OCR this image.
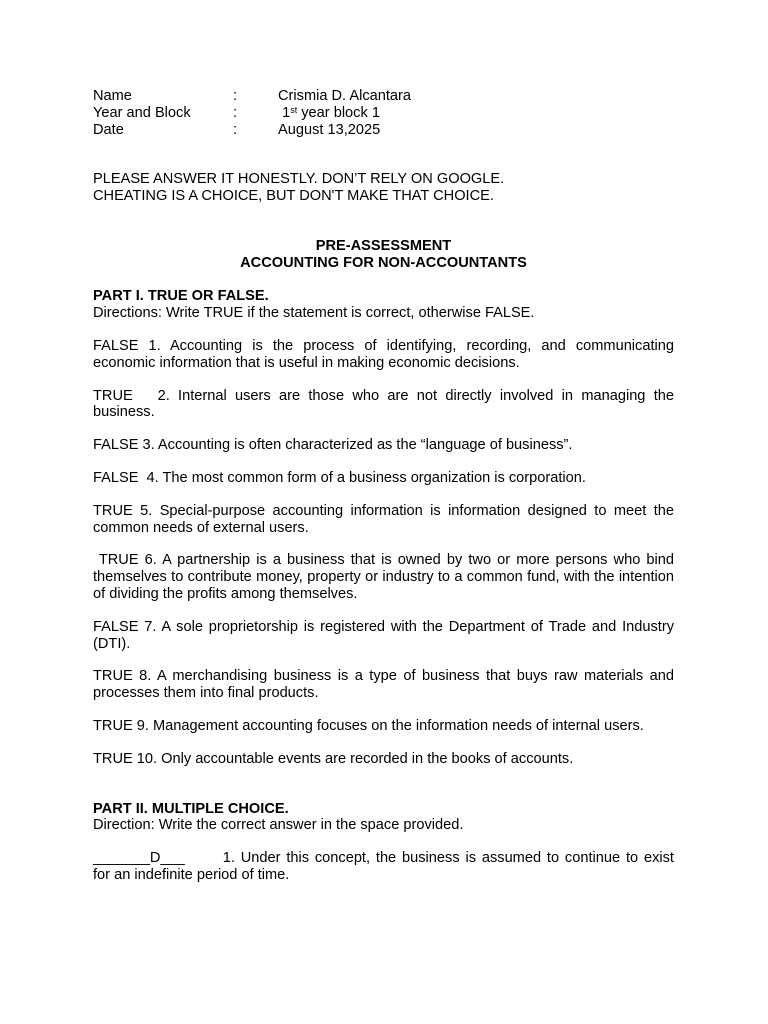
Name	:	Crismia D. Alcantara
Year and Block	:	1st year block 1
Date	:	August 13,2025
PLEASE ANSWER IT HONESTLY. DON’T RELY ON GOOGLE.
CHEATING IS A CHOICE, BUT DON'T MAKE THAT CHOICE.
PRE-ASSESSMENT
ACCOUNTING FOR NON-ACCOUNTANTS
PART I. TRUE OR FALSE.
Directions: Write TRUE if the statement is correct, otherwise FALSE.
FALSE 1. Accounting is the process of identifying, recording, and communicating economic information that is useful in making economic decisions.
TRUE   2. Internal users are those who are not directly involved in managing the business.
FALSE 3. Accounting is often characterized as the “language of business”.
FALSE  4. The most common form of a business organization is corporation.
TRUE 5. Special-purpose accounting information is information designed to meet the common needs of external users.
TRUE 6. A partnership is a business that is owned by two or more persons who bind themselves to contribute money, property or industry to a common fund, with the intention of dividing the profits among themselves.
FALSE 7. A sole proprietorship is registered with the Department of Trade and Industry (DTI).
TRUE 8. A merchandising business is a type of business that buys raw materials and processes them into final products.
TRUE 9. Management accounting focuses on the information needs of internal users.
TRUE 10. Only accountable events are recorded in the books of accounts.
PART II. MULTIPLE CHOICE.
Direction: Write the correct answer in the space provided.
_______D___	1. Under this concept, the business is assumed to continue to exist for an indefinite period of time.
